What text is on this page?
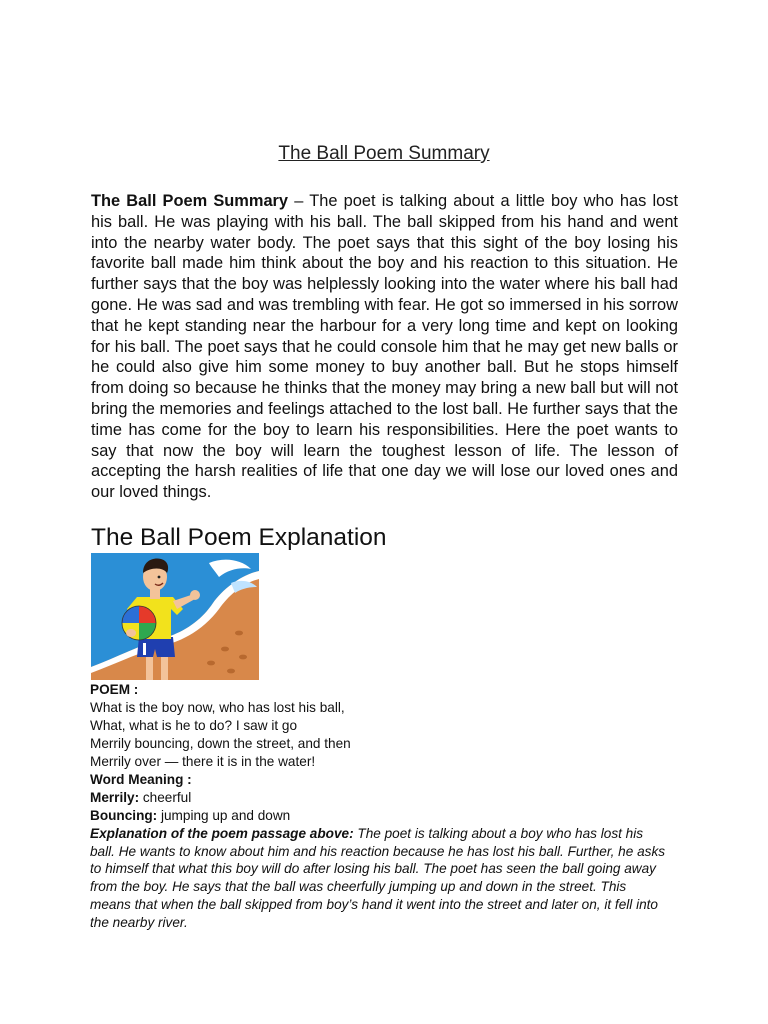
The Ball Poem Summary
The Ball Poem Summary – The poet is talking about a little boy who has lost his ball. He was playing with his ball. The ball skipped from his hand and went into the nearby water body. The poet says that this sight of the boy losing his favorite ball made him think about the boy and his reaction to this situation. He further says that the boy was helplessly looking into the water where his ball had gone. He was sad and was trembling with fear. He got so immersed in his sorrow that he kept standing near the harbour for a very long time and kept on looking for his ball. The poet says that he could console him that he may get new balls or he could also give him some money to buy another ball. But he stops himself from doing so because he thinks that the money may bring a new ball but will not bring the memories and feelings attached to the lost ball. He further says that the time has come for the boy to learn his responsibilities. Here the poet wants to say that now the boy will learn the toughest lesson of life. The lesson of accepting the harsh realities of life that one day we will lose our loved ones and our loved things.
The Ball Poem Explanation
POEM :
What is the boy now, who has lost his ball,
What, what is he to do? I saw it go
Merrily bouncing, down the street, and then
Merrily over — there it is in the water!
Word Meaning :
Merrily: cheerful
Bouncing: jumping up and down
Explanation of the poem passage above: The poet is talking about a boy who has lost his ball. He wants to know about him and his reaction because he has lost his ball. Further, he asks to himself that what this boy will do after losing his ball. The poet has seen the ball going away from the boy. He says that the ball was cheerfully jumping up and down in the street. This means that when the ball skipped from boy’s hand it went into the street and later on, it fell into the nearby river.
